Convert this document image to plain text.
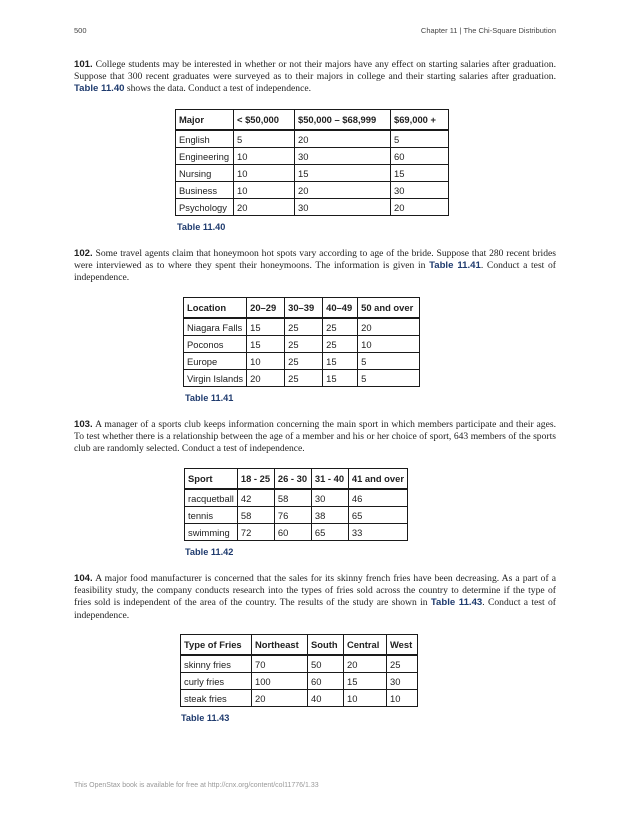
500	Chapter 11 | The Chi-Square Distribution

101. College students may be interested in whether or not their majors have any effect on starting salaries after graduation. Suppose that 300 recent graduates were surveyed as to their majors in college and their starting salaries after graduation. Table 11.40 shows the data. Conduct a test of independence.

Major	< $50,000	$50,000 – $68,999	$69,000 +
English	5	20	5
Engineering	10	30	60
Nursing	10	15	15
Business	10	20	30
Psychology	20	30	20
Table 11.40

102. Some travel agents claim that honeymoon hot spots vary according to age of the bride. Suppose that 280 recent brides were interviewed as to where they spent their honeymoons. The information is given in Table 11.41. Conduct a test of independence.

Location	20–29	30–39	40–49	50 and over
Niagara Falls	15	25	25	20
Poconos	15	25	25	10
Europe	10	25	15	5
Virgin Islands	20	25	15	5
Table 11.41

103. A manager of a sports club keeps information concerning the main sport in which members participate and their ages. To test whether there is a relationship between the age of a member and his or her choice of sport, 643 members of the sports club are randomly selected. Conduct a test of independence.

Sport	18 - 25	26 - 30	31 - 40	41 and over
racquetball	42	58	30	46
tennis	58	76	38	65
swimming	72	60	65	33
Table 11.42

104. A major food manufacturer is concerned that the sales for its skinny french fries have been decreasing. As a part of a feasibility study, the company conducts research into the types of fries sold across the country to determine if the type of fries sold is independent of the area of the country. The results of the study are shown in Table 11.43. Conduct a test of independence.

Type of Fries	Northeast	South	Central	West
skinny fries	70	50	20	25
curly fries	100	60	15	30
steak fries	20	40	10	10
Table 11.43
This OpenStax book is available for free at http://cnx.org/content/col11776/1.33
